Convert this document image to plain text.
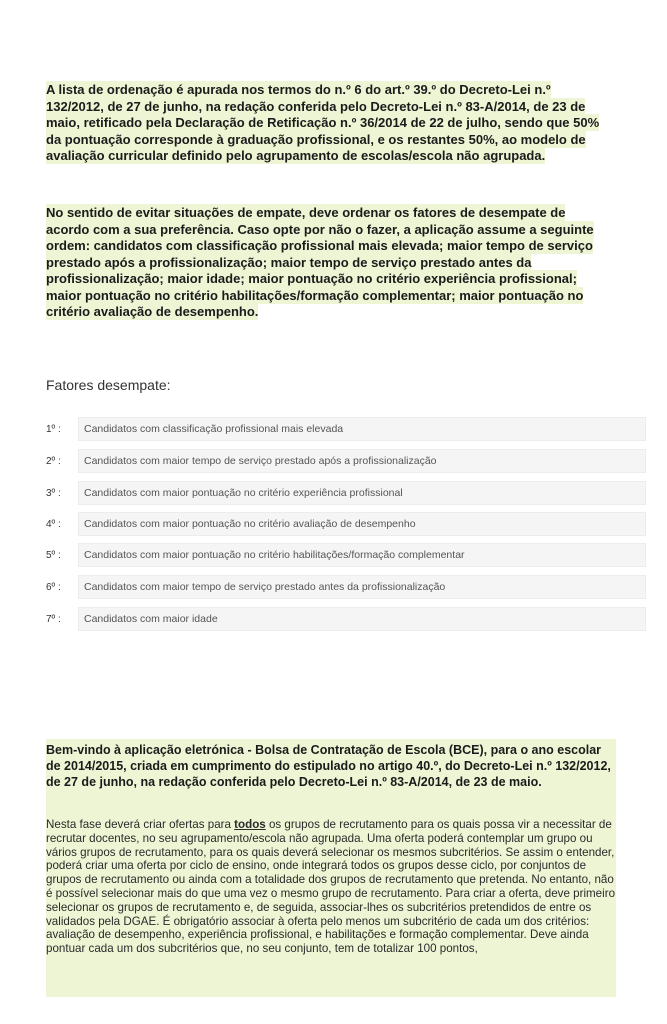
A lista de ordenação é apurada nos termos do n.º 6 do art.º 39.º do Decreto-Lei n.º 132/2012, de 27 de junho, na redação conferida pelo Decreto-Lei n.º 83-A/2014, de 23 de maio, retificado pela Declaração de Retificação n.º 36/2014 de 22 de julho, sendo que 50% da pontuação corresponde à graduação profissional, e os restantes 50%, ao modelo de avaliação curricular definido pelo agrupamento de escolas/escola não agrupada.

No sentido de evitar situações de empate, deve ordenar os fatores de desempate de acordo com a sua preferência. Caso opte por não o fazer, a aplicação assume a seguinte ordem: candidatos com classificação profissional mais elevada; maior tempo de serviço prestado após a profissionalização; maior tempo de serviço prestado antes da profissionalização; maior idade; maior pontuação no critério experiência profissional; maior pontuação no critério habilitações/formação complementar; maior pontuação no critério avaliação de desempenho.

Fatores desempate:
1º :	Candidatos com classificação profissional mais elevada
2º :	Candidatos com maior tempo de serviço prestado após a profissionalização
3º :	Candidatos com maior pontuação no critério experiência profissional
4º :	Candidatos com maior pontuação no critério avaliação de desempenho
5º :	Candidatos com maior pontuação no critério habilitações/formação complementar
6º :	Candidatos com maior tempo de serviço prestado antes da profissionalização
7º :	Candidatos com maior idade

Bem-vindo à aplicação eletrónica - Bolsa de Contratação de Escola (BCE), para o ano escolar de 2014/2015, criada em cumprimento do estipulado no artigo 40.º, do Decreto-Lei n.º 132/2012, de 27 de junho, na redação conferida pelo Decreto-Lei n.º 83-A/2014, de 23 de maio.

Nesta fase deverá criar ofertas para todos os grupos de recrutamento para os quais possa vir a necessitar de recrutar docentes, no seu agrupamento/escola não agrupada. Uma oferta poderá contemplar um grupo ou vários grupos de recrutamento, para os quais deverá selecionar os mesmos subcritérios. Se assim o entender, poderá criar uma oferta por ciclo de ensino, onde integrará todos os grupos desse ciclo, por conjuntos de grupos de recrutamento ou ainda com a totalidade dos grupos de recrutamento que pretenda. No entanto, não é possível selecionar mais do que uma vez o mesmo grupo de recrutamento. Para criar a oferta, deve primeiro selecionar os grupos de recrutamento e, de seguida, associar-lhes os subcritérios pretendidos de entre os validados pela DGAE. É obrigatório associar à oferta pelo menos um subcritério de cada um dos critérios: avaliação de desempenho, experiência profissional, e habilitações e formação complementar. Deve ainda pontuar cada um dos subcritérios que, no seu conjunto, tem de totalizar 100 pontos,
